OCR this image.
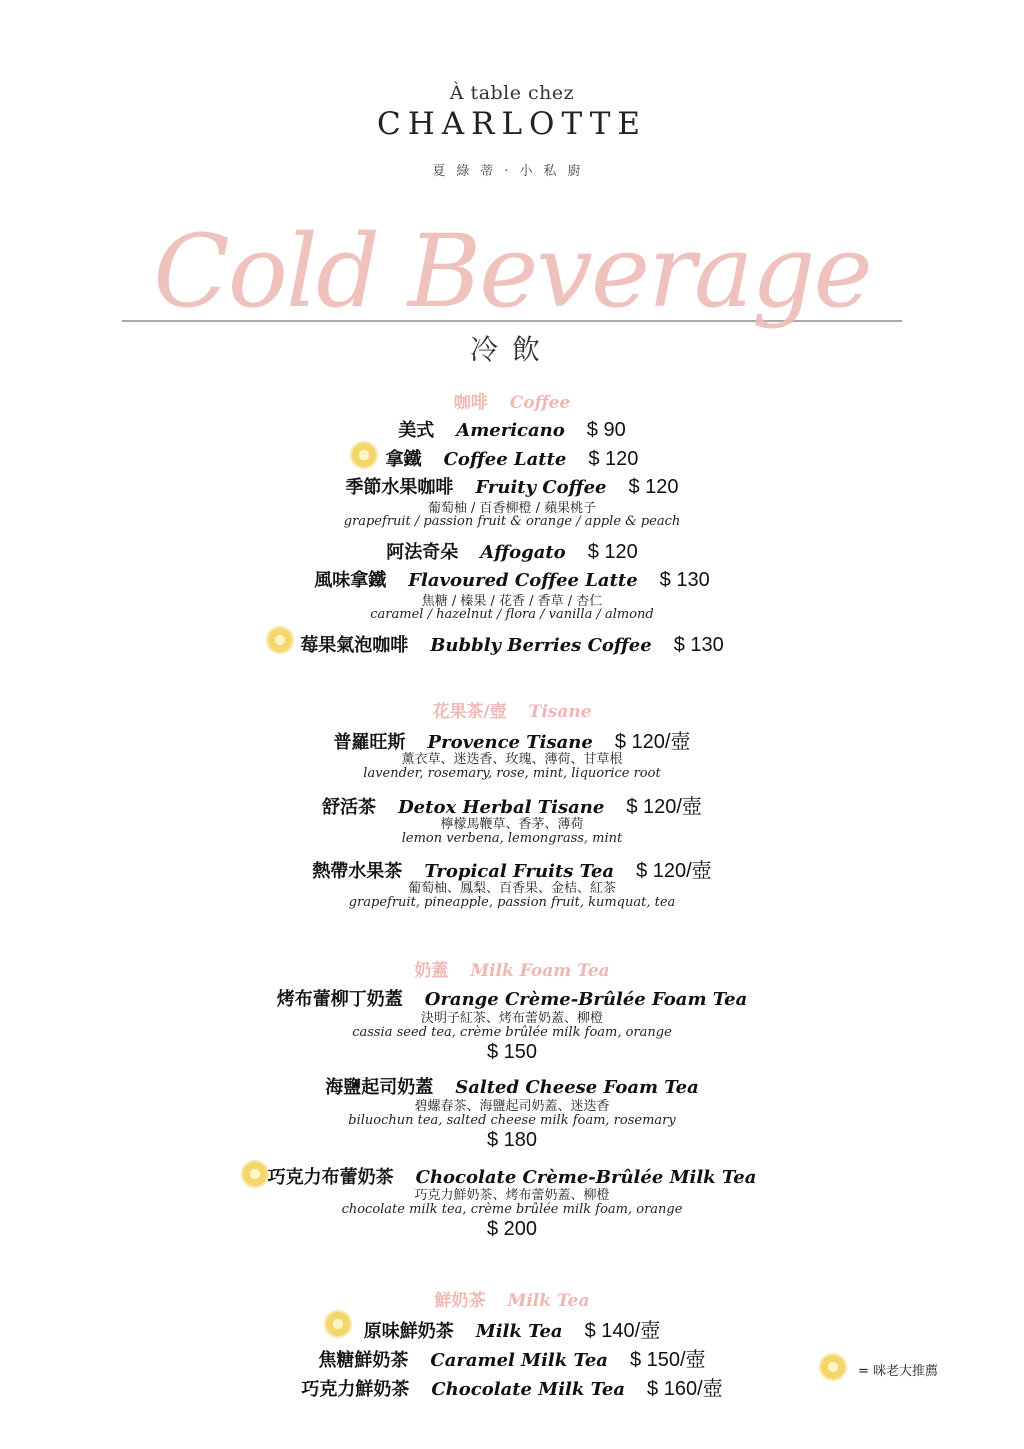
À table chez
CHARLOTTE
夏綠蒂·小私廚
Cold Beverage
冷飲
咖啡 Coffee
美式 Americano $ 90
拿鐵 Coffee Latte $ 120
季節水果咖啡 Fruity Coffee $ 120
葡萄柚 / 百香柳橙 / 蘋果桃子
grapefruit / passion fruit & orange / apple & peach
阿法奇朵 Affogato $ 120
風味拿鐵 Flavoured Coffee Latte $ 130
焦糖 / 榛果 / 花香 / 香草 / 杏仁
caramel / hazelnut / flora / vanilla / almond
莓果氣泡咖啡 Bubbly Berries Coffee $ 130
花果茶/壺 Tisane
普羅旺斯 Provence Tisane $ 120/壺
薰衣草、迷迭香、玫瑰、薄荷、甘草根
lavender, rosemary, rose, mint, liquorice root
舒活茶 Detox Herbal Tisane $ 120/壺
檸檬馬鞭草、香茅、薄荷
lemon verbena, lemongrass, mint
熱帶水果茶 Tropical Fruits Tea $ 120/壺
葡萄柚、鳳梨、百香果、金桔、紅茶
grapefruit, pineapple, passion fruit, kumquat, tea
奶蓋 Milk Foam Tea
烤布蕾柳丁奶蓋 Orange Crème-Brûlée Foam Tea
決明子紅茶、烤布蕾奶蓋、柳橙
cassia seed tea, crème brûlée milk foam, orange
$ 150
海鹽起司奶蓋 Salted Cheese Foam Tea
碧螺春茶、海鹽起司奶蓋、迷迭香
biluochun tea, salted cheese milk foam, rosemary
$ 180
巧克力布蕾奶茶 Chocolate Crème-Brûlée Milk Tea
巧克力鮮奶茶、烤布蕾奶蓋、柳橙
chocolate milk tea, crème brûlée milk foam, orange
$ 200
鮮奶茶 Milk Tea
原味鮮奶茶 Milk Tea $ 140/壺
焦糖鮮奶茶 Caramel Milk Tea $ 150/壺
巧克力鮮奶茶 Chocolate Milk Tea $ 160/壺
= 咪老大推薦
